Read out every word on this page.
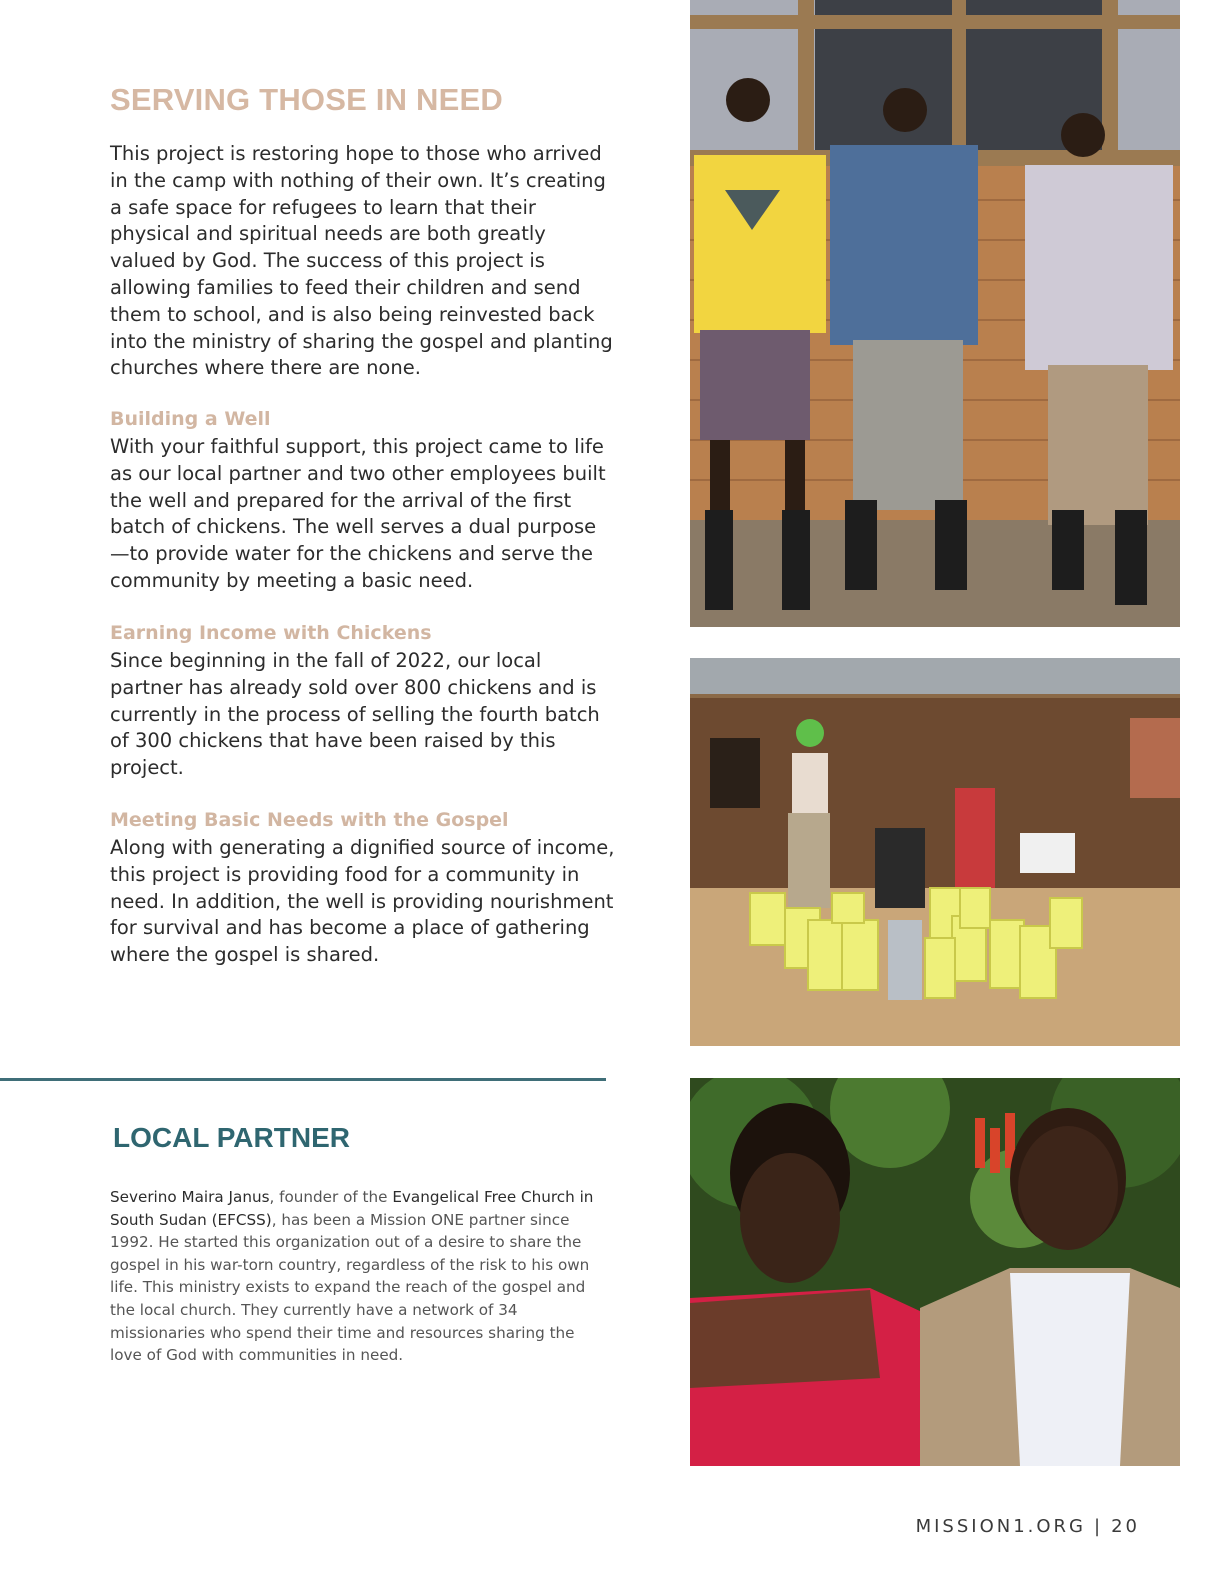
SERVING THOSE IN NEED

This project is restoring hope to those who arrived in the camp with nothing of their own. It’s creating a safe space for refugees to learn that their physical and spiritual needs are both greatly valued by God. The success of this project is allowing families to feed their children and send them to school, and is also being reinvested back into the ministry of sharing the gospel and planting churches where there are none.

Building a Well

With your faithful support, this project came to life as our local partner and two other employees built the well and prepared for the arrival of the first batch of chickens. The well serves a dual purpose—to provide water for the chickens and serve the community by meeting a basic need.

Earning Income with Chickens

Since beginning in the fall of 2022, our local partner has already sold over 800 chickens and is currently in the process of selling the fourth batch of 300 chickens that have been raised by this project.

Meeting Basic Needs with the Gospel

Along with generating a dignified source of income, this project is providing food for a community in need. In addition, the well is providing nourishment for survival and has become a place of gathering where the gospel is shared.

LOCAL PARTNER

Severino Maira Janus, founder of the Evangelical Free Church in South Sudan (EFCSS), has been a Mission ONE partner since 1992. He started this organization out of a desire to share the gospel in his war-torn country, regardless of the risk to his own life. This ministry exists to expand the reach of the gospel and the local church. They currently have a network of 34 missionaries who spend their time and resources sharing the love of God with communities in need.

MISSION1.ORG | 20
